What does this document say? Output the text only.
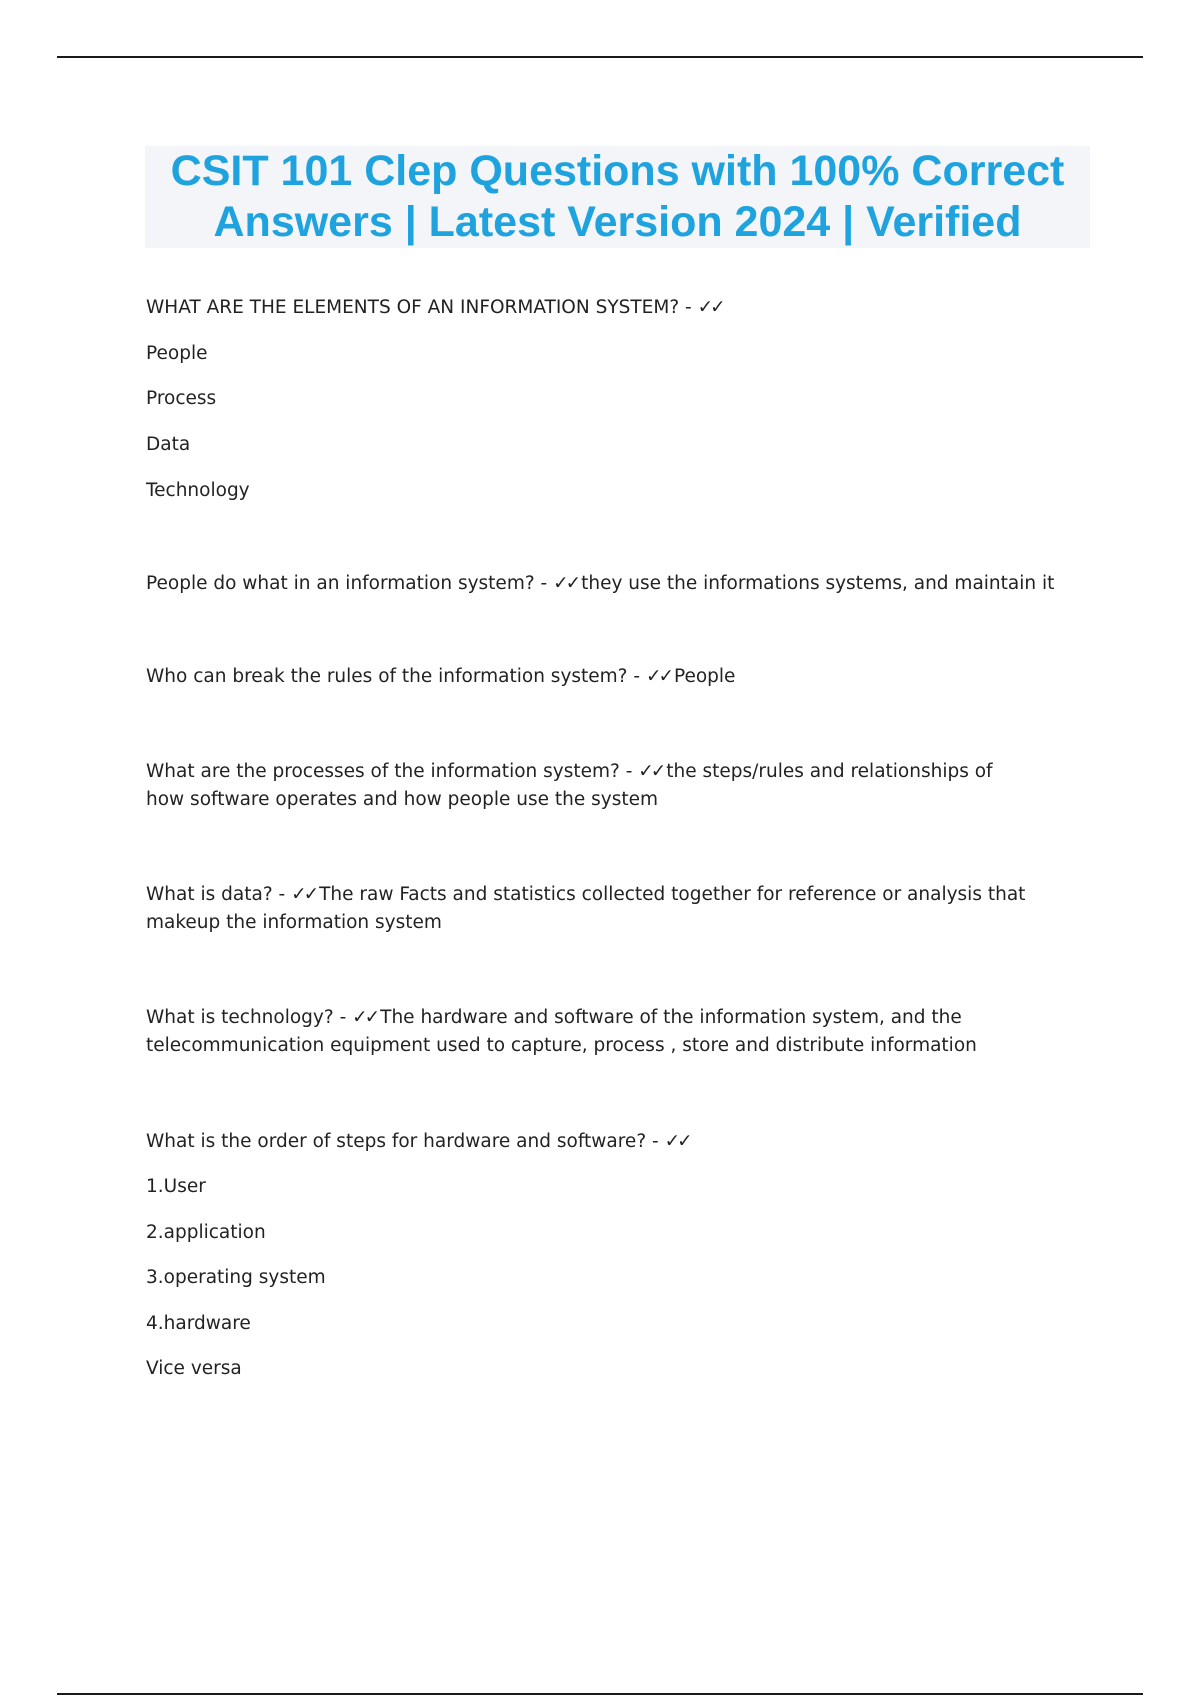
CSIT 101 Clep Questions with 100% Correct
Answers | Latest Version 2024 | Verified
WHAT ARE THE ELEMENTS OF AN INFORMATION SYSTEM? - ✓✓
People
Process
Data
Technology
People do what in an information system? - ✓✓ they use the informations systems, and maintain it
Who can break the rules of the information system? - ✓✓ People
What are the processes of the information system? - ✓✓ the steps/rules and relationships of how software operates and how people use the system
What is data? - ✓✓ The raw Facts and statistics collected together for reference or analysis that makeup the information system
What is technology? - ✓✓ The hardware and software of the information system, and the telecommunication equipment used to capture, process , store and distribute information
What is the order of steps for hardware and software? - ✓✓
1.User
2.application
3.operating system
4.hardware
Vice versa
